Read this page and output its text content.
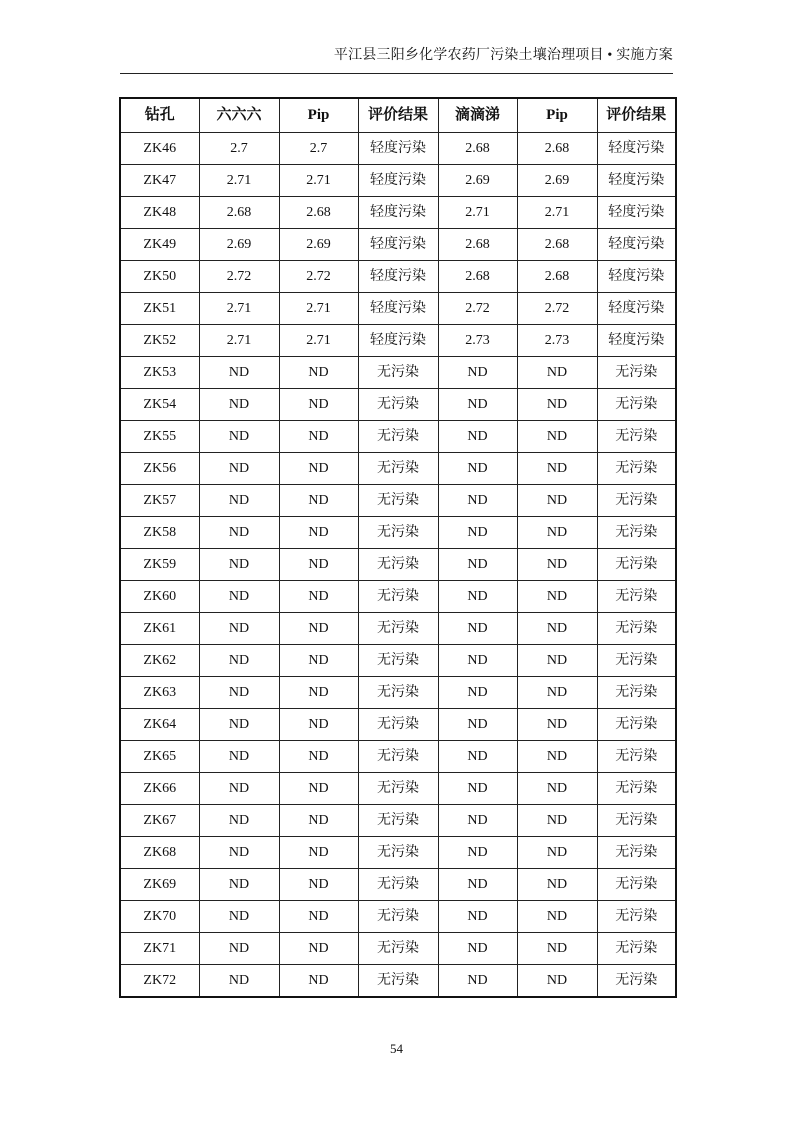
平江县三阳乡化学农药厂污染土壤治理项目 • 实施方案
钻孔	六六六	Pip	评价结果	滴滴涕	Pip	评价结果
ZK46	2.7	2.7	轻度污染	2.68	2.68	轻度污染
ZK47	2.71	2.71	轻度污染	2.69	2.69	轻度污染
ZK48	2.68	2.68	轻度污染	2.71	2.71	轻度污染
ZK49	2.69	2.69	轻度污染	2.68	2.68	轻度污染
ZK50	2.72	2.72	轻度污染	2.68	2.68	轻度污染
ZK51	2.71	2.71	轻度污染	2.72	2.72	轻度污染
ZK52	2.71	2.71	轻度污染	2.73	2.73	轻度污染
ZK53	ND	ND	无污染	ND	ND	无污染
ZK54	ND	ND	无污染	ND	ND	无污染
ZK55	ND	ND	无污染	ND	ND	无污染
ZK56	ND	ND	无污染	ND	ND	无污染
ZK57	ND	ND	无污染	ND	ND	无污染
ZK58	ND	ND	无污染	ND	ND	无污染
ZK59	ND	ND	无污染	ND	ND	无污染
ZK60	ND	ND	无污染	ND	ND	无污染
ZK61	ND	ND	无污染	ND	ND	无污染
ZK62	ND	ND	无污染	ND	ND	无污染
ZK63	ND	ND	无污染	ND	ND	无污染
ZK64	ND	ND	无污染	ND	ND	无污染
ZK65	ND	ND	无污染	ND	ND	无污染
ZK66	ND	ND	无污染	ND	ND	无污染
ZK67	ND	ND	无污染	ND	ND	无污染
ZK68	ND	ND	无污染	ND	ND	无污染
ZK69	ND	ND	无污染	ND	ND	无污染
ZK70	ND	ND	无污染	ND	ND	无污染
ZK71	ND	ND	无污染	ND	ND	无污染
ZK72	ND	ND	无污染	ND	ND	无污染
54
